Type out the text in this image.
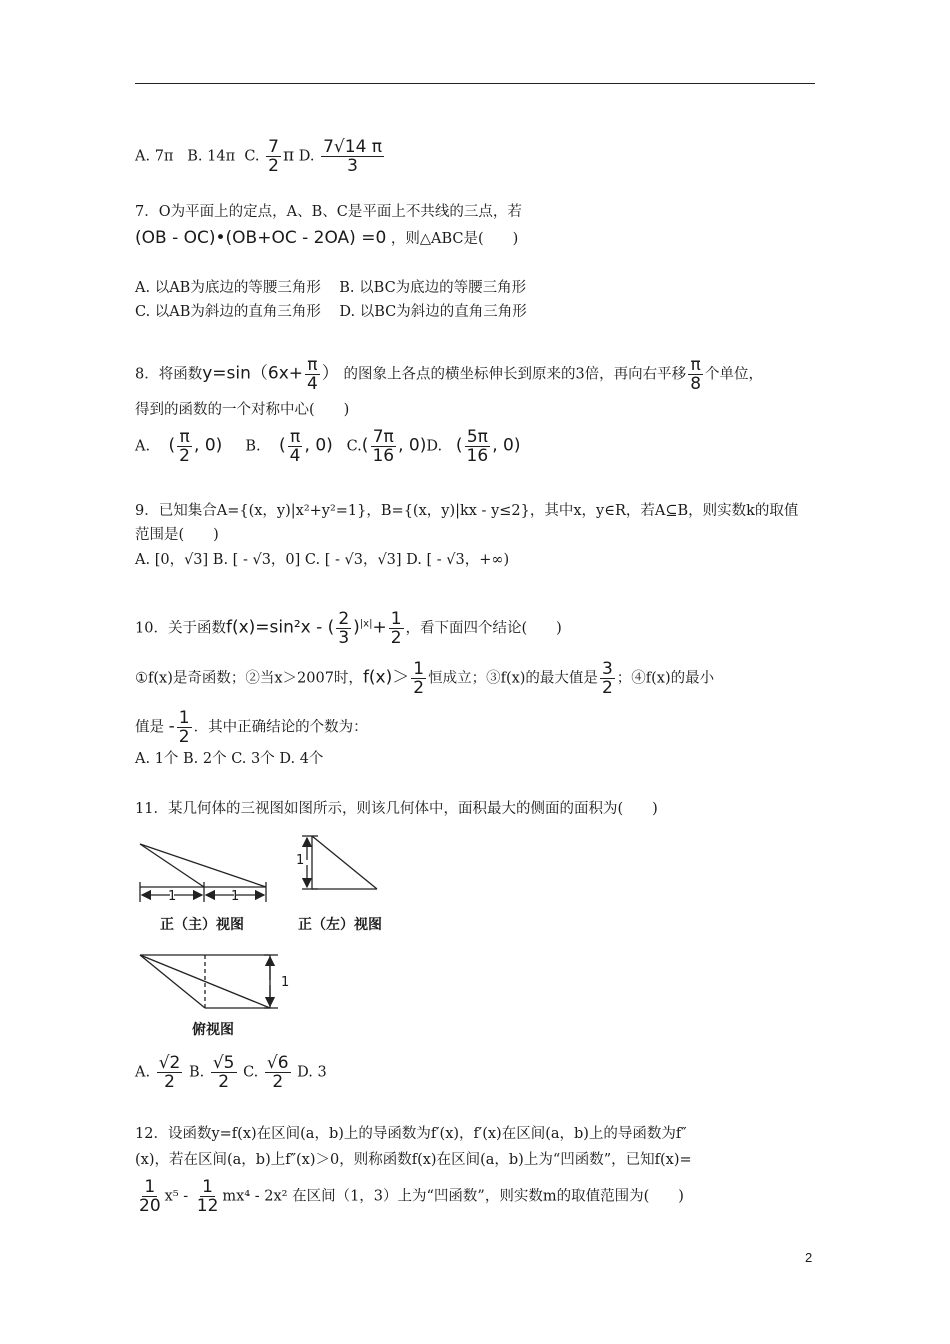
A. 7π B. 14π C. $\frac{7}{2}$ π D. $\frac{7√14 \pi}{3}$
7．O为平面上的定点，A、B、C是平面上不共线的三点，若
(OB - OC)•(OB+OC - 2OA) =0 ，则△ABC是(　　)
A. 以AB为底边的等腰三角形 B. 以BC为底边的等腰三角形
C. 以AB为斜边的直角三角形 D. 以BC为斜边的直角三角形
8．将函数$y=\sin(6x+ \frac{\pi}{4}$ ） 的图象上各点的横坐标伸长到原来的3倍，再向右平移 $\frac{\pi}{8}$ 个单位，
得到的函数的一个对称中心(　　)
A. ( $\frac{\pi}{2}$ , 0) B. ( $\frac{\pi}{4}$ , 0) $C.( \frac{7\pi}{16}$ , 0)D. ( $\frac{5\pi}{16}$ , 0)
9．已知集合A={(x，y)|x²+y²=1}，B={(x，y)|kx - y≤2}，其中x，y∈R，若A⊆B，则实数k的取值
范围是(　　)
A. [0，√3] B. [ - √3，0] C. [ - √3，√3] D. [ - √3，+∞)
10．关于函数f(x)=sin²x - ( $\frac{2}{3} )^{|x|}+ \frac{1}{2}$ ，看下面四个结论(　　)
①f(x)是奇函数；②当x＞2007时，$f(x)> \frac{1}{2}$ 恒成立；③f(x)的最大值是 $\frac{3}{2}$ ；④f(x)的最小
值是 - $\frac{1}{2}$ ．其中正确结论的个数为：
A. 1个 B. 2个 C. 3个 D. 4个
11．某几何体的三视图如图所示，则该几何体中，面积最大的侧面的面积为(　　)
1	1
1
1
正（主）视图	正（左）视图
俯视图
A. $\frac{√2}{2} B$. $\frac{√5}{2} C$. $\frac{√6}{2} D$. 3
12．设函数y=f(x)在区间(a，b)上的导函数为f′(x)，f′(x)在区间(a，b)上的导函数为f″
(x)，若在区间(a，b)上f″(x)＞0，则称函数f(x)在区间(a，b)上为“凹函数”，已知f(x)=
$\frac{1}{20} x^5 - \frac{1}{12} mx^4 - 2x^2$ 在区间（1，3）上为“凹函数”，则实数m的取值范围为(　　)
2
